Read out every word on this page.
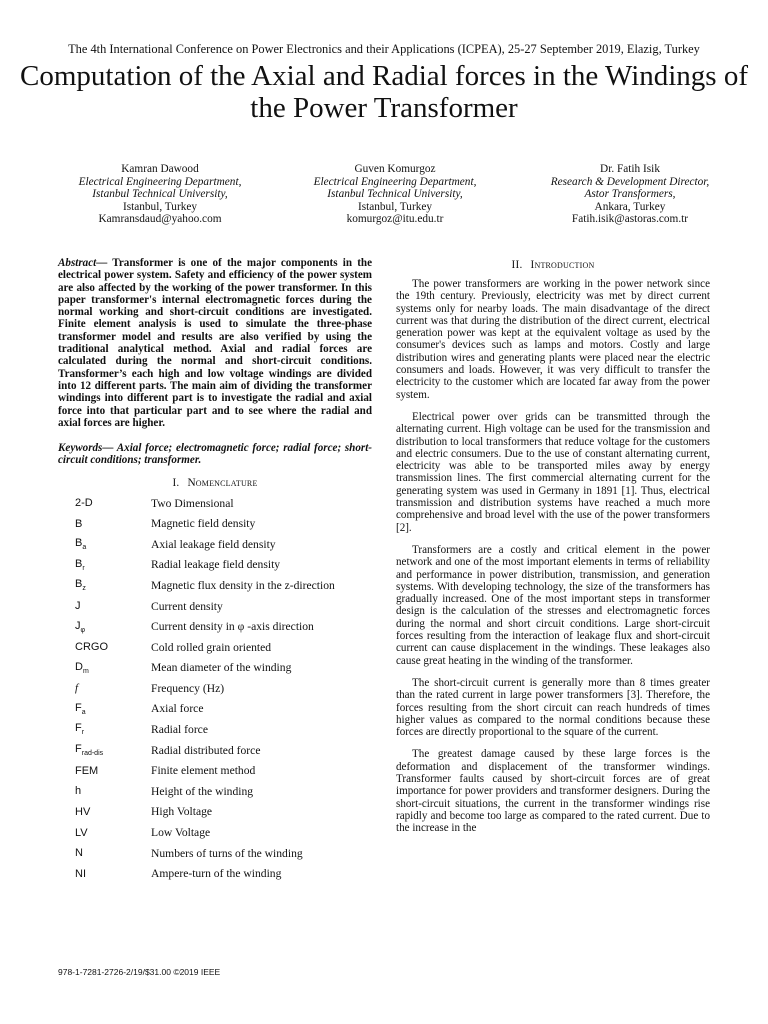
The 4th International Conference on Power Electronics and their Applications (ICPEA), 25-27 September 2019, Elazig, Turkey
Computation of the Axial and Radial forces in the Windings of the Power Transformer
Kamran Dawood
Electrical Engineering Department,
Istanbul Technical University,
Istanbul, Turkey
Kamransdaud@yahoo.com
Guven Komurgoz
Electrical Engineering Department,
Istanbul Technical University,
Istanbul, Turkey
komurgoz@itu.edu.tr
Dr. Fatih Isik
Research & Development Director,
Astor Transformers,
Ankara, Turkey
Fatih.isik@astoras.com.tr
Abstract— Transformer is one of the major components in the electrical power system. Safety and efficiency of the power system are also affected by the working of the power transformer. In this paper transformer's internal electromagnetic forces during the normal working and short-circuit conditions are investigated. Finite element analysis is used to simulate the three-phase transformer model and results are also verified by using the traditional analytical method. Axial and radial forces are calculated during the normal and short-circuit conditions. Transformer’s each high and low voltage windings are divided into 12 different parts. The main aim of dividing the transformer windings into different part is to investigate the radial and axial force into that particular part and to see where the radial and axial forces are higher.
Keywords— Axial force; electromagnetic force; radial force; short-circuit conditions; transformer.
I. Nomenclature
2-D	Two Dimensional
B	Magnetic field density
$B_a$	Axial leakage field density
$B_r$	Radial leakage field density
$B_z$	Magnetic flux density in the z-direction
J	Current density
$J_\varphi$	Current density in φ -axis direction
CRGO	Cold rolled grain oriented
$D_m$	Mean diameter of the winding
f	Frequency (Hz)
$F_a$	Axial force
$F_r$	Radial force
$F_{rad-dis}$	Radial distributed force
FEM	Finite element method
h	Height of the winding
HV	High Voltage
LV	Low Voltage
N	Numbers of turns of the winding
NI	Ampere-turn of the winding
II. Introduction

The power transformers are working in the power network since the 19th century. Previously, electricity was met by direct current systems only for nearby loads. The main disadvantage of the direct current was that during the distribution of the direct current, electrical generation power was kept at the equivalent voltage as used by the consumer's devices such as lamps and motors. Costly and large distribution wires and generating plants were placed near the electric consumers and loads. However, it was very difficult to transfer the electricity to the customer which are located far away from the power system.

Electrical power over grids can be transmitted through the alternating current. High voltage can be used for the transmission and distribution to local transformers that reduce voltage for the customers and electric consumers. Due to the use of constant alternating current, electricity was able to be transported miles away by energy transmission lines. The first commercial alternating current for the generating system was used in Germany in 1891 [1]. Thus, electrical transmission and distribution systems have reached a much more comprehensive and broad level with the use of the power transformers [2].

Transformers are a costly and critical element in the power network and one of the most important elements in terms of reliability and performance in power distribution, transmission, and generation systems. With developing technology, the size of the transformers has gradually increased. One of the most important steps in transformer design is the calculation of the stresses and electromagnetic forces during the normal and short circuit conditions. Large short-circuit forces resulting from the interaction of leakage flux and short-circuit current can cause displacement in the windings. These leakages also cause great heating in the winding of the transformer.

The short-circuit current is generally more than 8 times greater than the rated current in large power transformers [3]. Therefore, the forces resulting from the short circuit can reach hundreds of times higher values as compared to the normal conditions because these forces are directly proportional to the square of the current.

The greatest damage caused by these large forces is the deformation and displacement of the transformer windings. Transformer faults caused by short-circuit forces are of great importance for power providers and transformer designers. During the short-circuit situations, the current in the transformer windings rise rapidly and become too large as compared to the rated current. Due to the increase in the

978-1-7281-2726-2/19/$31.00 ©2019 IEEE
